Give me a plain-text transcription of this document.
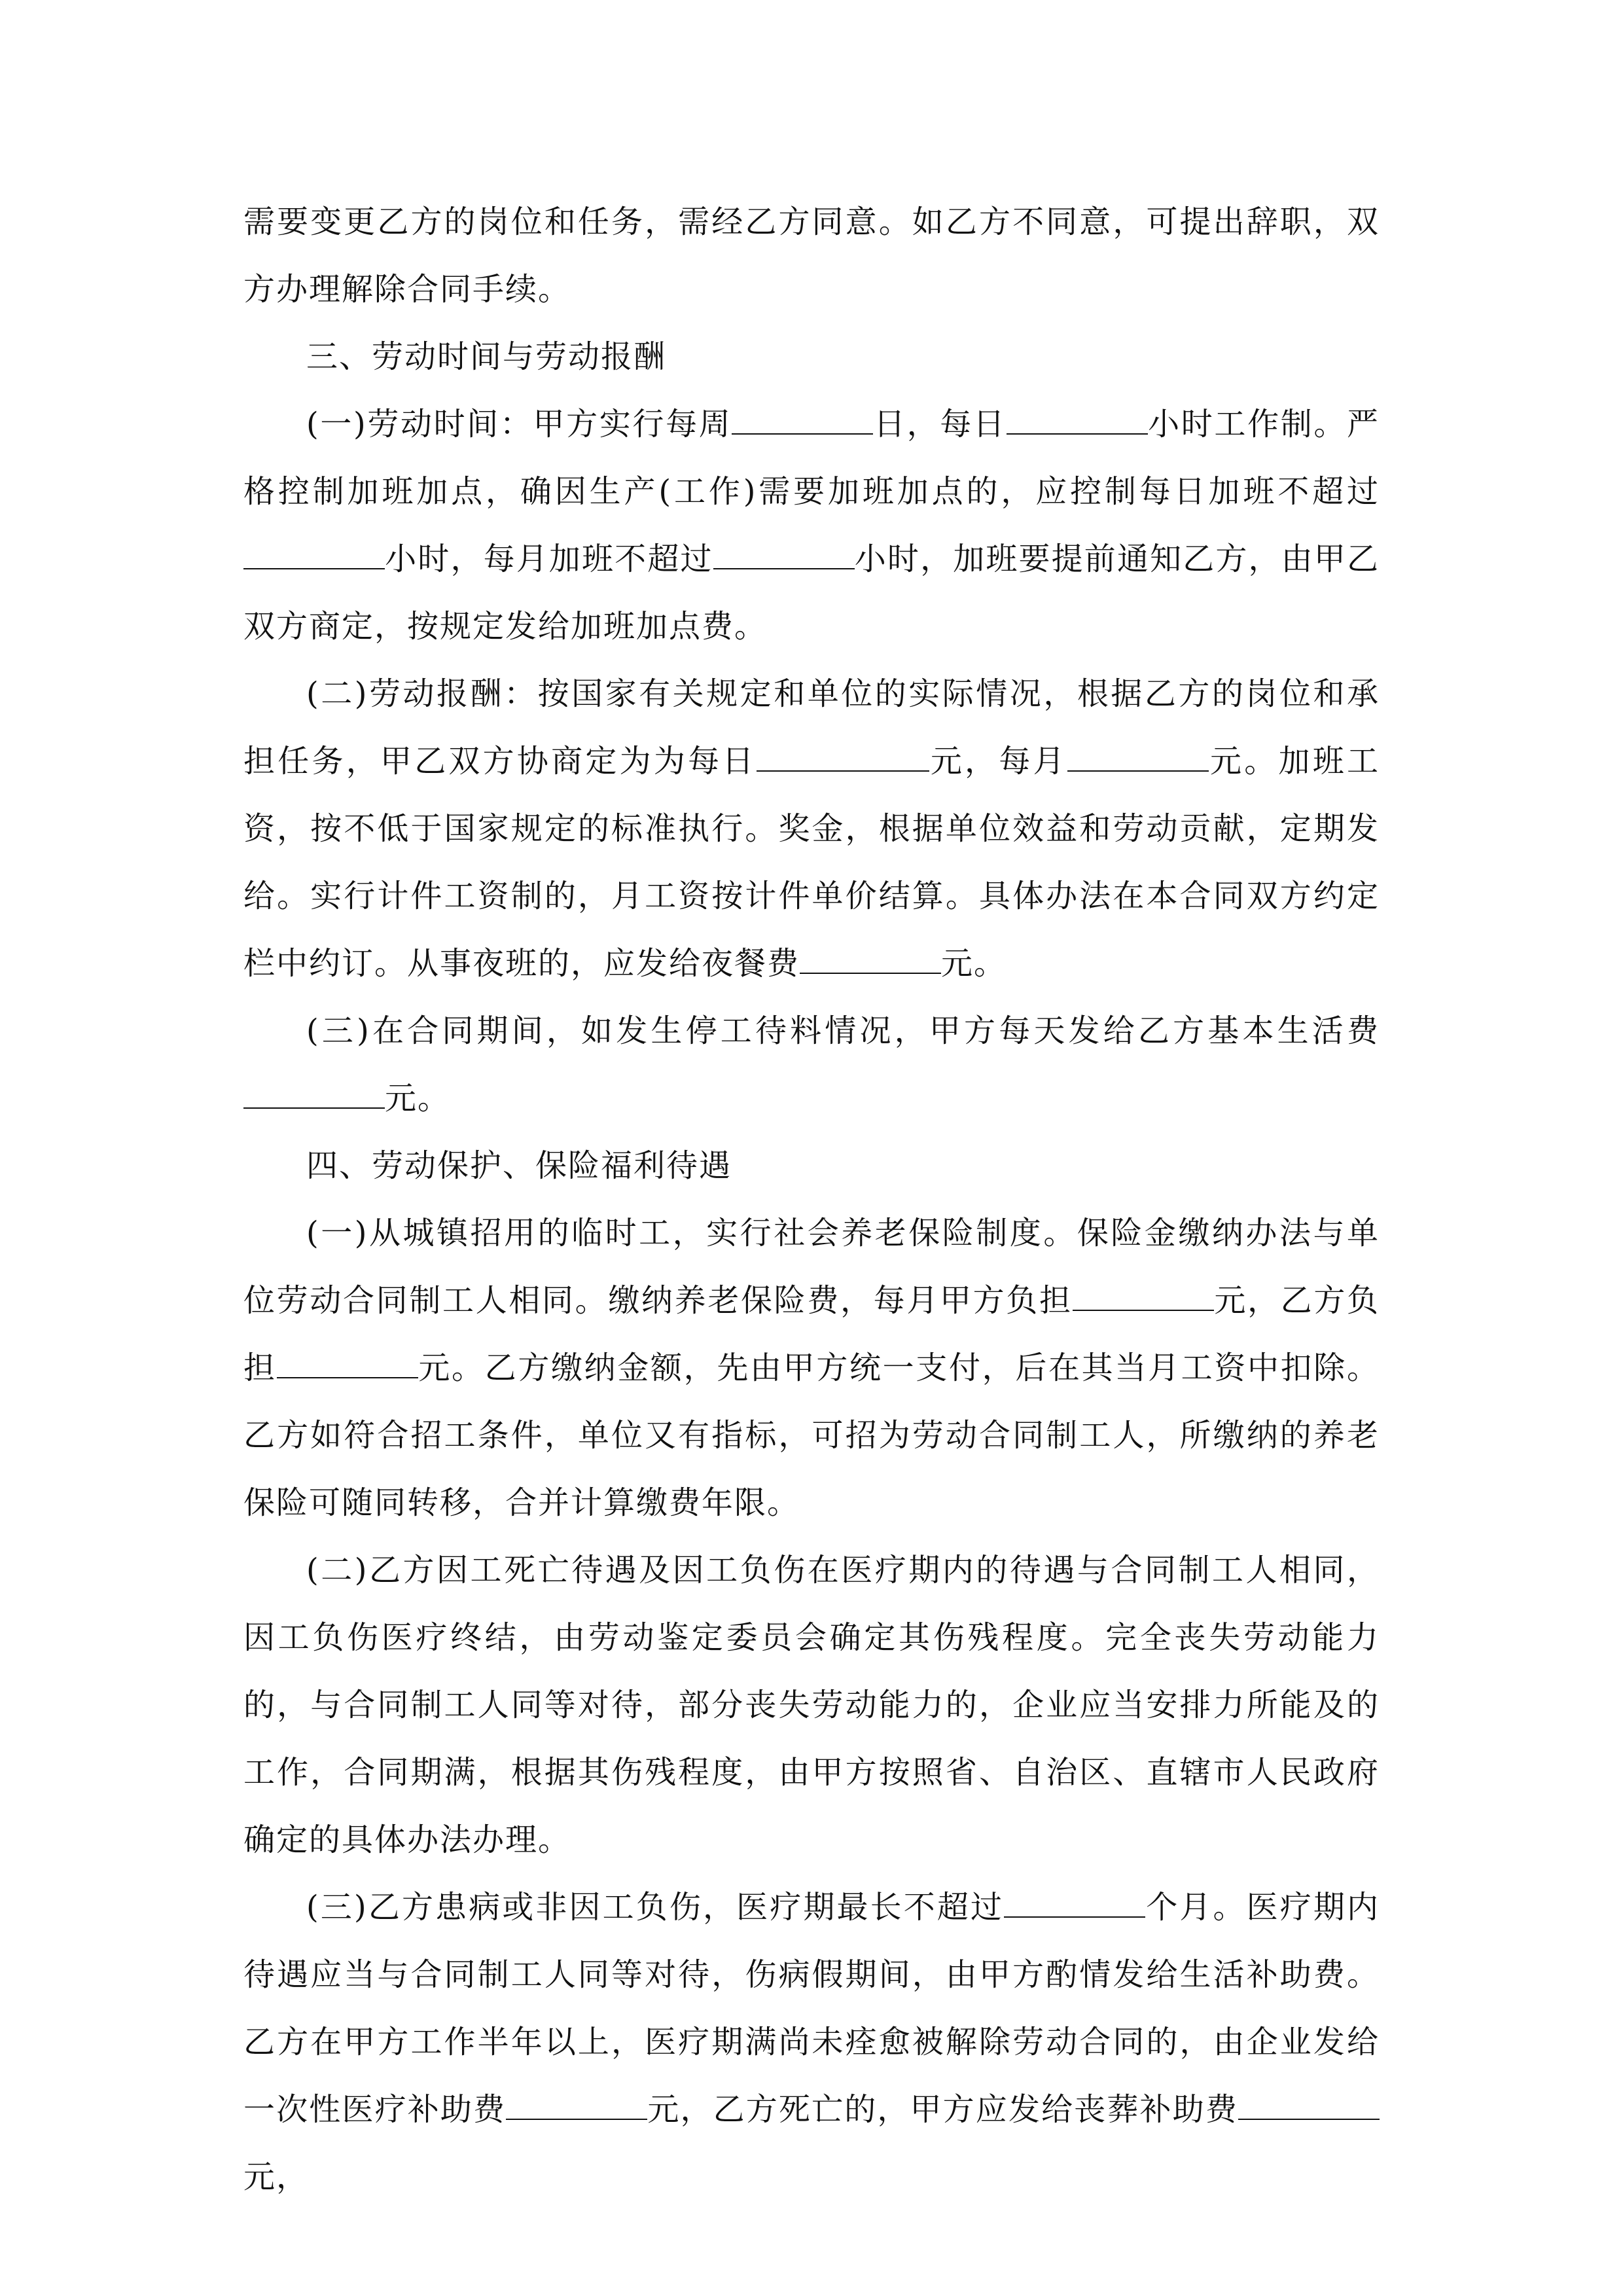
需要变更乙方的岗位和任务，需经乙方同意。如乙方不同意，可提出辞职，双方办理解除合同手续。

三、劳动时间与劳动报酬

(一)劳动时间：甲方实行每周	日，每日	小时工作制。严格控制加班加点，确因生产(工作)需要加班加点的，应控制每日加班不超过小时，每月加班不超过	小时，加班要提前通知乙方，由甲乙双方商定，按规定发给加班加点费。

(二)劳动报酬：按国家有关规定和单位的实际情况，根据乙方的岗位和承担任务，甲乙双方协商定为为每日	元，每月	元。加班工资，按不低于国家规定的标准执行。奖金，根据单位效益和劳动贡献，定期发给。实行计件工资制的，月工资按计件单价结算。具体办法在本合同双方约定栏中约订。从事夜班的，应发给夜餐费	元。

(三)在合同期间，如发生停工待料情况，甲方每天发给乙方基本生活费元。

四、劳动保护、保险福利待遇

(一)从城镇招用的临时工，实行社会养老保险制度。保险金缴纳办法与单位劳动合同制工人相同。缴纳养老保险费，每月甲方负担	元，乙方负担	元。乙方缴纳金额，先由甲方统一支付，后在其当月工资中扣除。乙方如符合招工条件，单位又有指标，可招为劳动合同制工人，所缴纳的养老保险可随同转移，合并计算缴费年限。

(二)乙方因工死亡待遇及因工负伤在医疗期内的待遇与合同制工人相同，因工负伤医疗终结，由劳动鉴定委员会确定其伤残程度。完全丧失劳动能力的，与合同制工人同等对待，部分丧失劳动能力的，企业应当安排力所能及的工作，合同期满，根据其伤残程度，由甲方按照省、自治区、直辖市人民政府确定的具体办法办理。

(三)乙方患病或非因工负伤，医疗期最长不超过	个月。医疗期内待遇应当与合同制工人同等对待，伤病假期间，由甲方酌情发给生活补助费。乙方在甲方工作半年以上，医疗期满尚未痊愈被解除劳动合同的，由企业发给一次性医疗补助费	元，乙方死亡的，甲方应发给丧葬补助费元，
